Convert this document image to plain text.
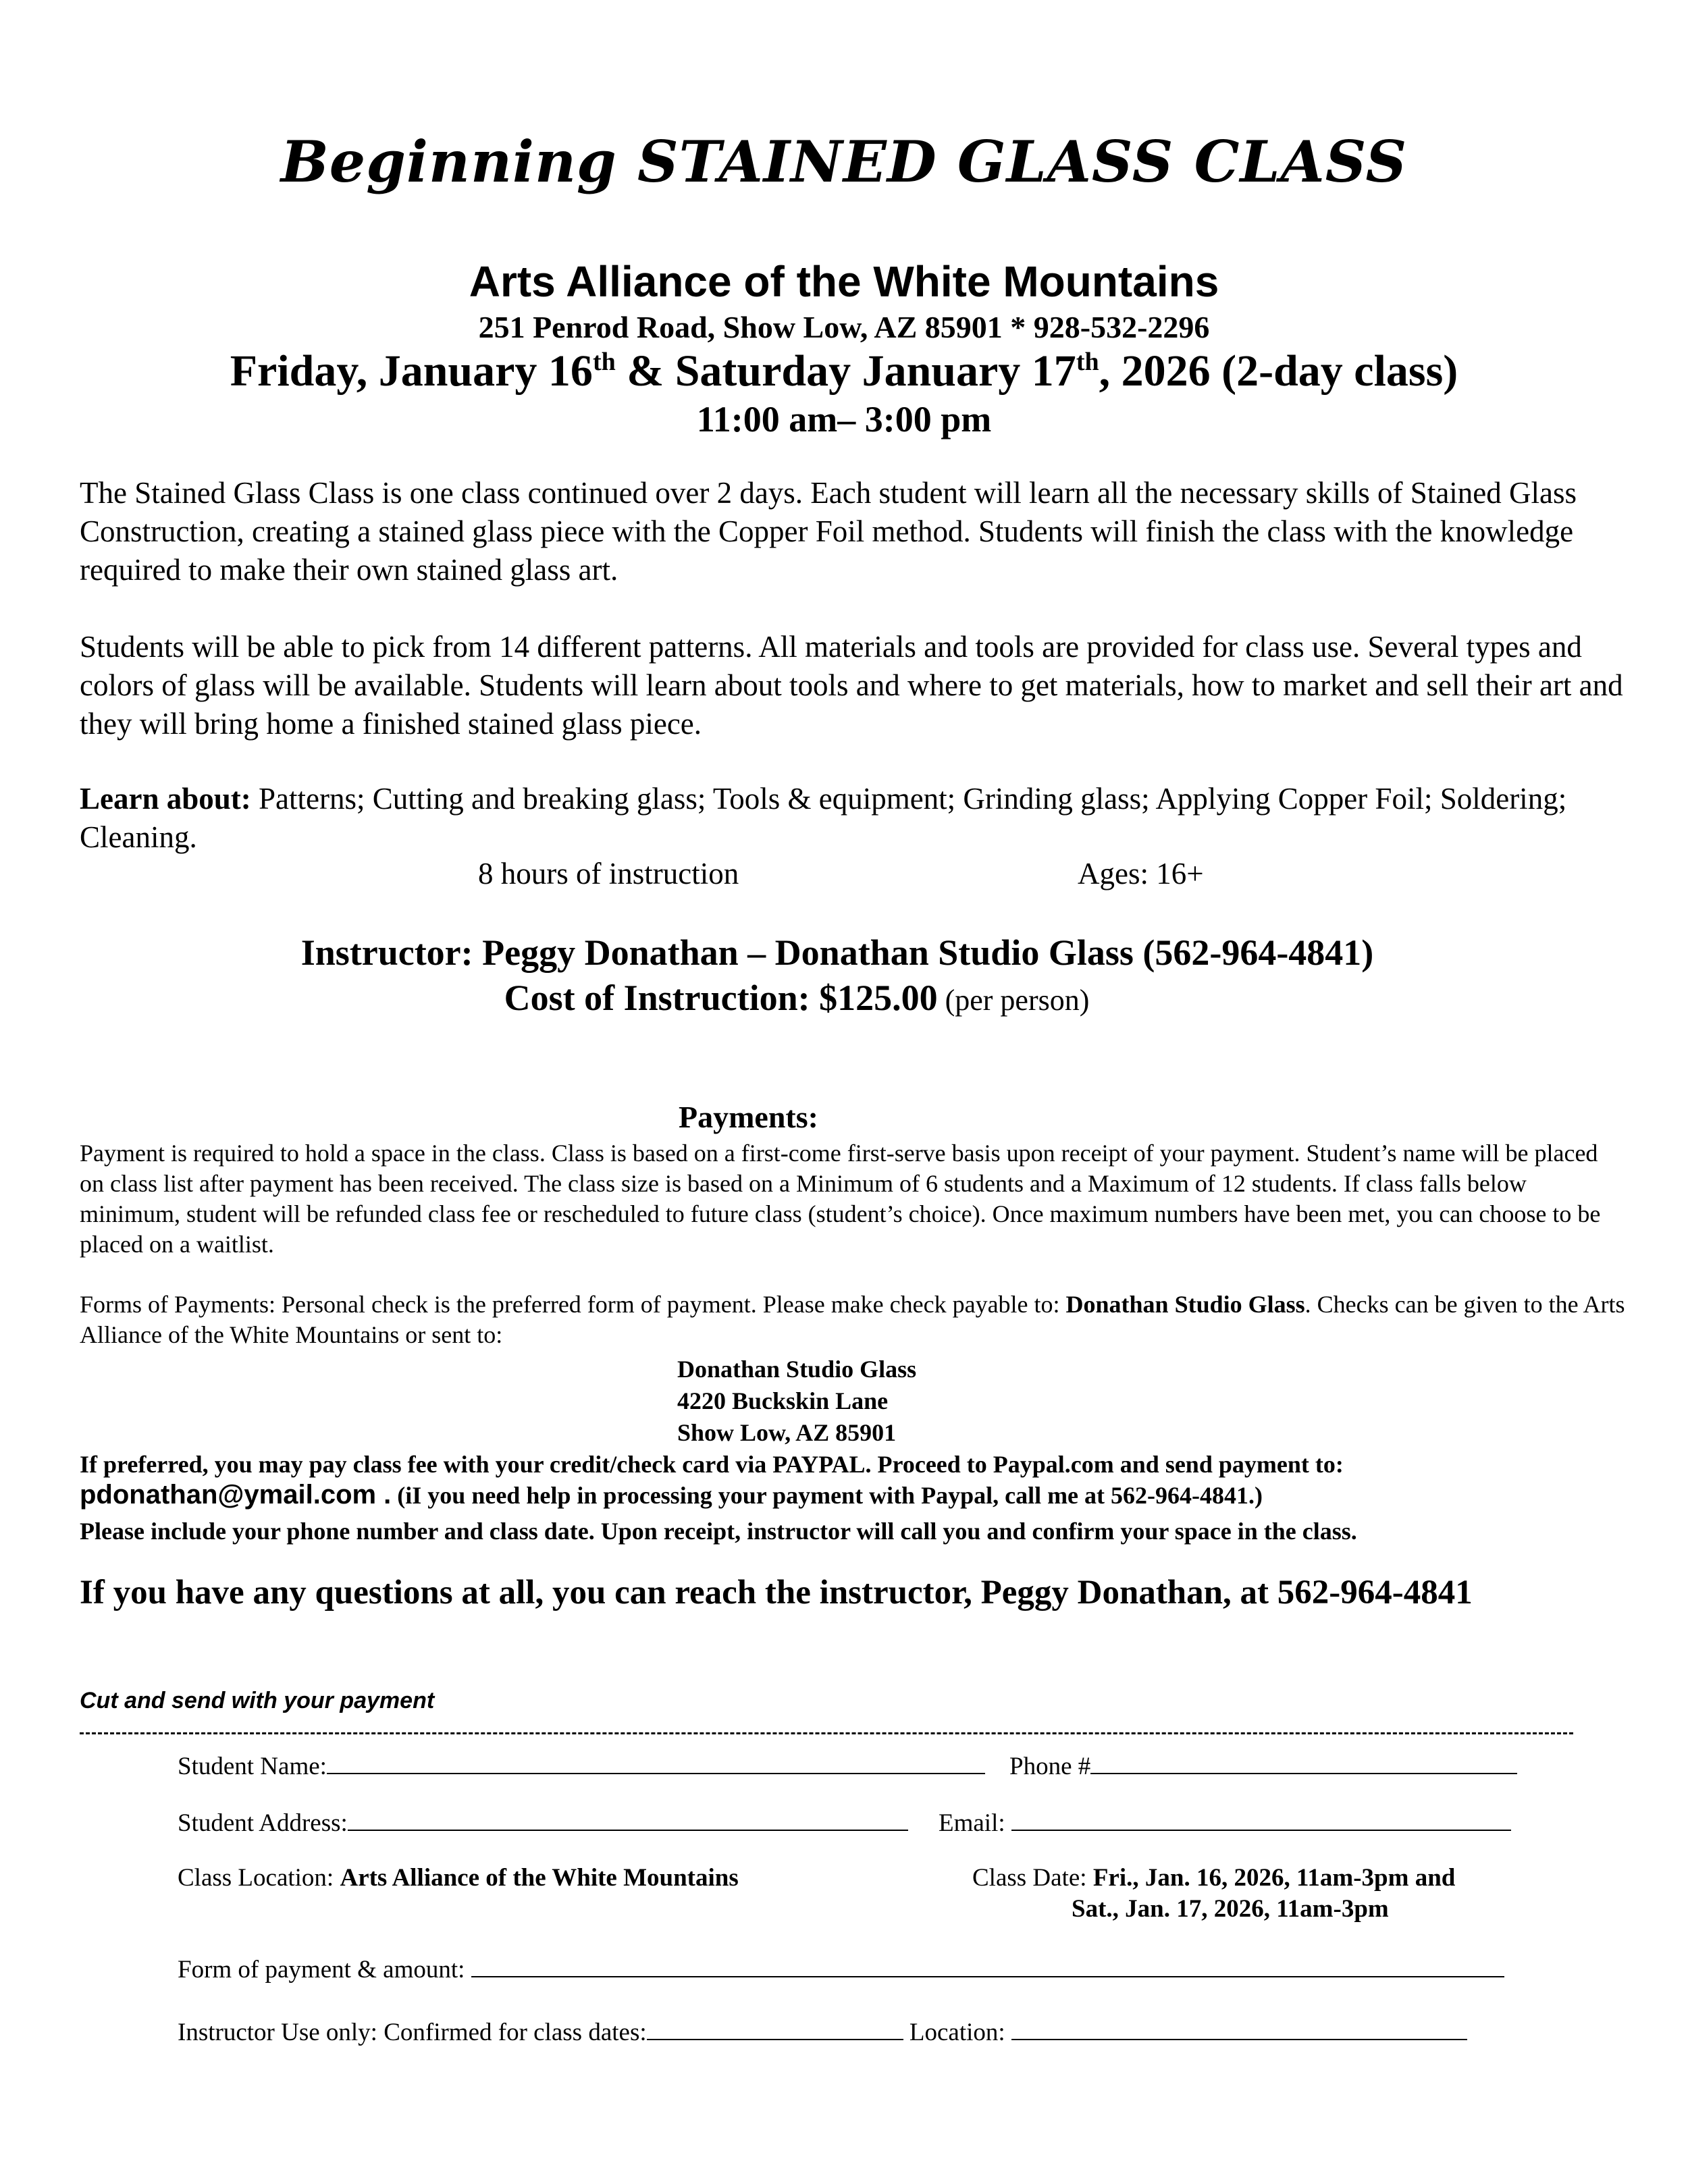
Beginning STAINED GLASS CLASS
Arts Alliance of the White Mountains
251 Penrod Road, Show Low, AZ 85901 * 928-532-2296
Friday, January 16th & Saturday January 17th, 2026 (2-day class)
11:00 am– 3:00 pm
The Stained Glass Class is one class continued over 2 days. Each student will learn all the necessary skills of Stained Glass Construction, creating a stained glass piece with the Copper Foil method. Students will finish the class with the knowledge required to make their own stained glass art.
Students will be able to pick from 14 different patterns. All materials and tools are provided for class use. Several types and colors of glass will be available. Students will learn about tools and where to get materials, how to market and sell their art and they will bring home a finished stained glass piece.
Learn about: Patterns; Cutting and breaking glass; Tools & equipment; Grinding glass; Applying Copper Foil; Soldering; Cleaning.
8 hours of instruction	Ages: 16+
Instructor: Peggy Donathan – Donathan Studio Glass (562-964-4841)
Cost of Instruction: $125.00 (per person)
Payments:
Payment is required to hold a space in the class. Class is based on a first-come first-serve basis upon receipt of your payment. Student’s name will be placed on class list after payment has been received. The class size is based on a Minimum of 6 students and a Maximum of 12 students. If class falls below minimum, student will be refunded class fee or rescheduled to future class (student’s choice). Once maximum numbers have been met, you can choose to be placed on a waitlist.
Forms of Payments: Personal check is the preferred form of payment. Please make check payable to: Donathan Studio Glass. Checks can be given to the Arts Alliance of the White Mountains or sent to:
Donathan Studio Glass
4220 Buckskin Lane
Show Low, AZ 85901
If preferred, you may pay class fee with your credit/check card via PAYPAL. Proceed to Paypal.com and send payment to:
pdonathan@ymail.com . (iI you need help in processing your payment with Paypal, call me at 562-964-4841.)
Please include your phone number and class date. Upon receipt, instructor will call you and confirm your space in the class.
If you have any questions at all, you can reach the instructor, Peggy Donathan, at 562-964-4841
Cut and send with your payment
Student Name:	Phone #
Student Address:	Email:
Class Location: Arts Alliance of the White Mountains	Class Date: Fri., Jan. 16, 2026, 11am-3pm and
Sat., Jan. 17, 2026, 11am-3pm
Form of payment & amount:
Instructor Use only: Confirmed for class dates:	Location:
